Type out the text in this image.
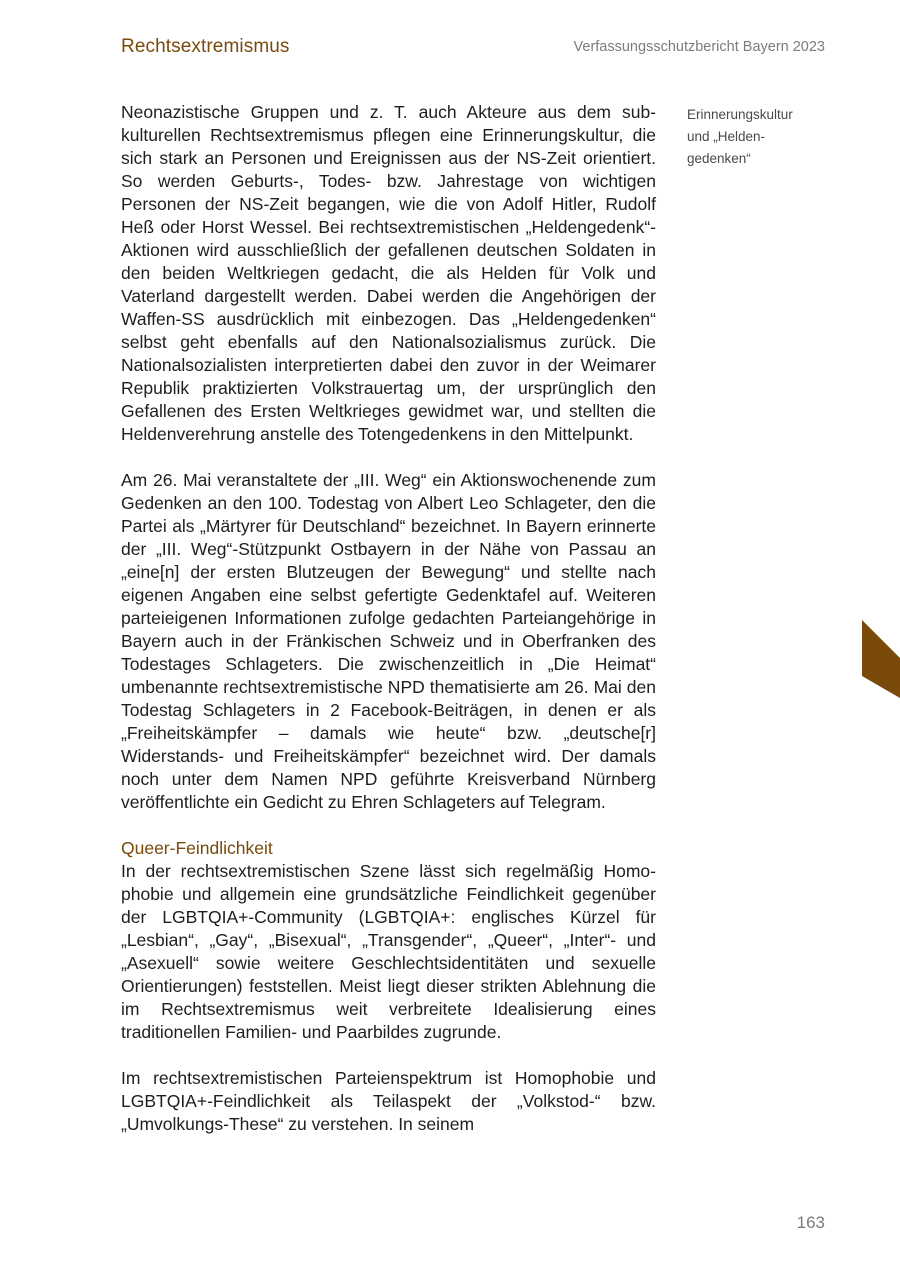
Rechtsextremismus	Verfassungsschutzbericht Bayern 2023

Neonazistische Gruppen und z. T. auch Akteure aus dem subkulturellen Rechtsextremismus pflegen eine Erinnerungskultur, die sich stark an Personen und Ereignissen aus der NS-Zeit orientiert. So werden Geburts-, Todes- bzw. Jahrestage von wichtigen Personen der NS-Zeit begangen, wie die von Adolf Hitler, Rudolf Heß oder Horst Wessel. Bei rechtsextremistischen „Heldengedenk“-Aktionen wird ausschließlich der gefallenen deutschen Soldaten in den beiden Weltkriegen gedacht, die als Helden für Volk und Vaterland dargestellt werden. Dabei werden die Angehörigen der Waffen-SS ausdrücklich mit einbezogen. Das „Heldengedenken“ selbst geht ebenfalls auf den Nationalsozialismus zurück. Die Nationalsozialisten interpretierten dabei den zuvor in der Weimarer Republik praktizierten Volkstrauertag um, der ursprünglich den Gefallenen des Ersten Weltkrieges gewidmet war, und stellten die Heldenverehrung anstelle des Totengedenkens in den Mittelpunkt.

Am 26. Mai veranstaltete der „III. Weg“ ein Aktionswochenende zum Gedenken an den 100. Todestag von Albert Leo Schlageter, den die Partei als „Märtyrer für Deutschland“ bezeichnet. In Bayern erinnerte der „III. Weg“-Stützpunkt Ostbayern in der Nähe von Passau an „eine[n] der ersten Blutzeugen der Bewegung“ und stellte nach eigenen Angaben eine selbst gefertigte Gedenktafel auf. Weiteren parteieigenen Informationen zufolge gedachten Parteiangehörige in Bayern auch in der Fränkischen Schweiz und in Oberfranken des Todestages Schlageters. Die zwischenzeitlich in „Die Heimat“ umbenannte rechtsextremistische NPD thematisierte am 26. Mai den Todestag Schlageters in 2 Facebook-Beiträgen, in denen er als „Freiheitskämpfer – damals wie heute“ bzw. „deutsche[r] Widerstands- und Freiheitskämpfer“ bezeichnet wird. Der damals noch unter dem Namen NPD geführte Kreisverband Nürnberg veröffentlichte ein Gedicht zu Ehren Schlageters auf Telegram.

Queer-Feindlichkeit

In der rechtsextremistischen Szene lässt sich regelmäßig Homophobie und allgemein eine grundsätzliche Feindlichkeit gegenüber der LGBTQIA+-Community (LGBTQIA+: englisches Kürzel für „Lesbian“, „Gay“, „Bisexual“, „Transgender“, „Queer“, „Inter“- und „Asexuell“ sowie weitere Geschlechtsidentitäten und sexuelle Orientierungen) feststellen. Meist liegt dieser strikten Ablehnung die im Rechtsextremismus weit verbreitete Idealisierung eines traditionellen Familien- und Paarbildes zugrunde.

Im rechtsextremistischen Parteienspektrum ist Homophobie und LGBTQIA+-Feindlichkeit als Teilaspekt der „Volkstod-“ bzw. „Umvolkungs-These“ zu verstehen. In seinem

Erinnerungskultur
und „Helden-
gedenken“
163
